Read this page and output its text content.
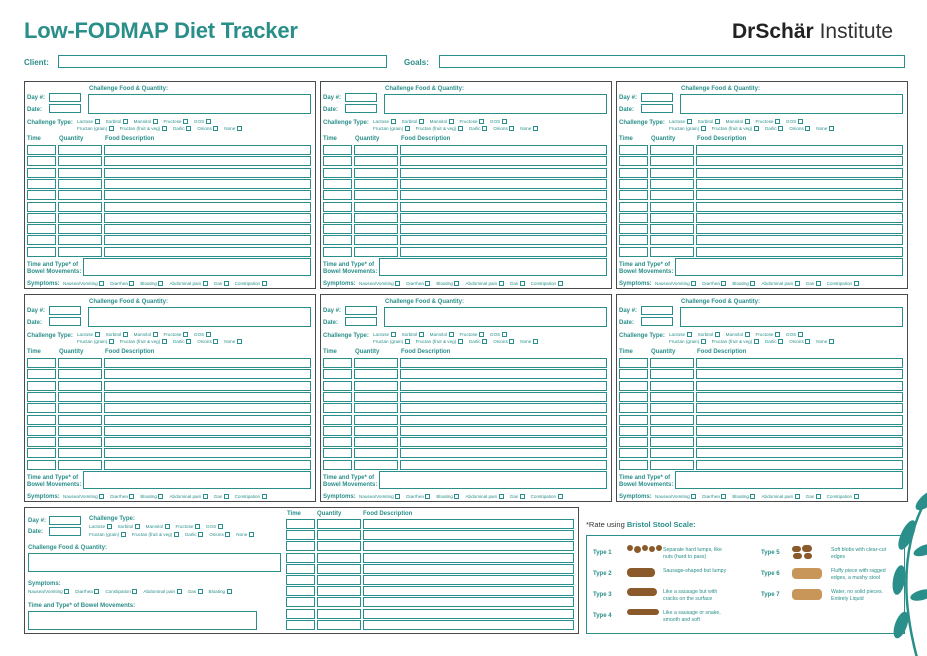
Low-FODMAP Diet Tracker	DrSchär Institute
Client:	Goals:
Day #:
Date:
Challenge Food & Quantity:
Challenge Type: Lactose	Sorbitol	Mannitol	Fructose	GOS
Fructan (grain)	Fructan (fruit & veg)	Garlic	Onions	None
Time	Quantity	Food Description
Time and Type* of
Bowel Movements:
Symptoms: Nausea/Vomiting	Diarrhea	Bloating	Abdominal pain	Gas	Constipation
Day #:
Date:
Challenge Food & Quantity:
Challenge Type: Lactose	Sorbitol	Mannitol	Fructose	GOS
Fructan (grain)	Fructan (fruit & veg)	Garlic	Onions	None
Time	Quantity	Food Description
Time and Type* of
Bowel Movements:
Symptoms: Nausea/Vomiting	Diarrhea	Bloating	Abdominal pain	Gas	Constipation
Day #:
Date:
Challenge Food & Quantity:
Challenge Type: Lactose	Sorbitol	Mannitol	Fructose	GOS
Fructan (grain)	Fructan (fruit & veg)	Garlic	Onions	None
Time	Quantity	Food Description
Time and Type* of
Bowel Movements:
Symptoms: Nausea/Vomiting	Diarrhea	Bloating	Abdominal pain	Gas	Constipation
Day #:
Date:
Challenge Food & Quantity:
Challenge Type: Lactose	Sorbitol	Mannitol	Fructose	GOS
Fructan (grain)	Fructan (fruit & veg)	Garlic	Onions	None
Time	Quantity	Food Description
Time and Type* of
Bowel Movements:
Symptoms: Nausea/Vomiting	Diarrhea	Bloating	Abdominal pain	Gas	Constipation
Day #:
Date:
Challenge Food & Quantity:
Challenge Type: Lactose	Sorbitol	Mannitol	Fructose	GOS
Fructan (grain)	Fructan (fruit & veg)	Garlic	Onions	None
Time	Quantity	Food Description
Time and Type* of
Bowel Movements:
Symptoms: Nausea/Vomiting	Diarrhea	Bloating	Abdominal pain	Gas	Constipation
Day #:
Date:
Challenge Food & Quantity:
Challenge Type: Lactose	Sorbitol	Mannitol	Fructose	GOS
Fructan (grain)	Fructan (fruit & veg)	Garlic	Onions	None
Time	Quantity	Food Description
Time and Type* of
Bowel Movements:
Symptoms: Nausea/Vomiting	Diarrhea	Bloating	Abdominal pain	Gas	Constipation
Day #:
Date:
Challenge Type:
Lactose	Sorbitol	Mannitol	Fructose	GOS
Fructan (grain)	Fructan (fruit & veg)	Garlic	Onions	None
Challenge Food & Quantity:
Symptoms:
Nausea/Vomiting	Diarrhea	Constipation	Abdominal pain	Gas	Bloating
Time and Type* of Bowel Movements:
Time	Quantity	Food Description
*Rate using Bristol Stool Scale:
Type 1	Separate hard lumps, like nuts (hard to pass)
Type 2	Sausage-shaped but lumpy
Type 3	Like a sausage but with cracks on the surface
Type 4	Like a sausage or snake, smooth and soft
Type 5	Soft blobs with clear-cut edges
Type 6	Fluffy piece with ragged edges, a mushy stool
Type 7	Water, no solid pieces. Entirely Liquid
